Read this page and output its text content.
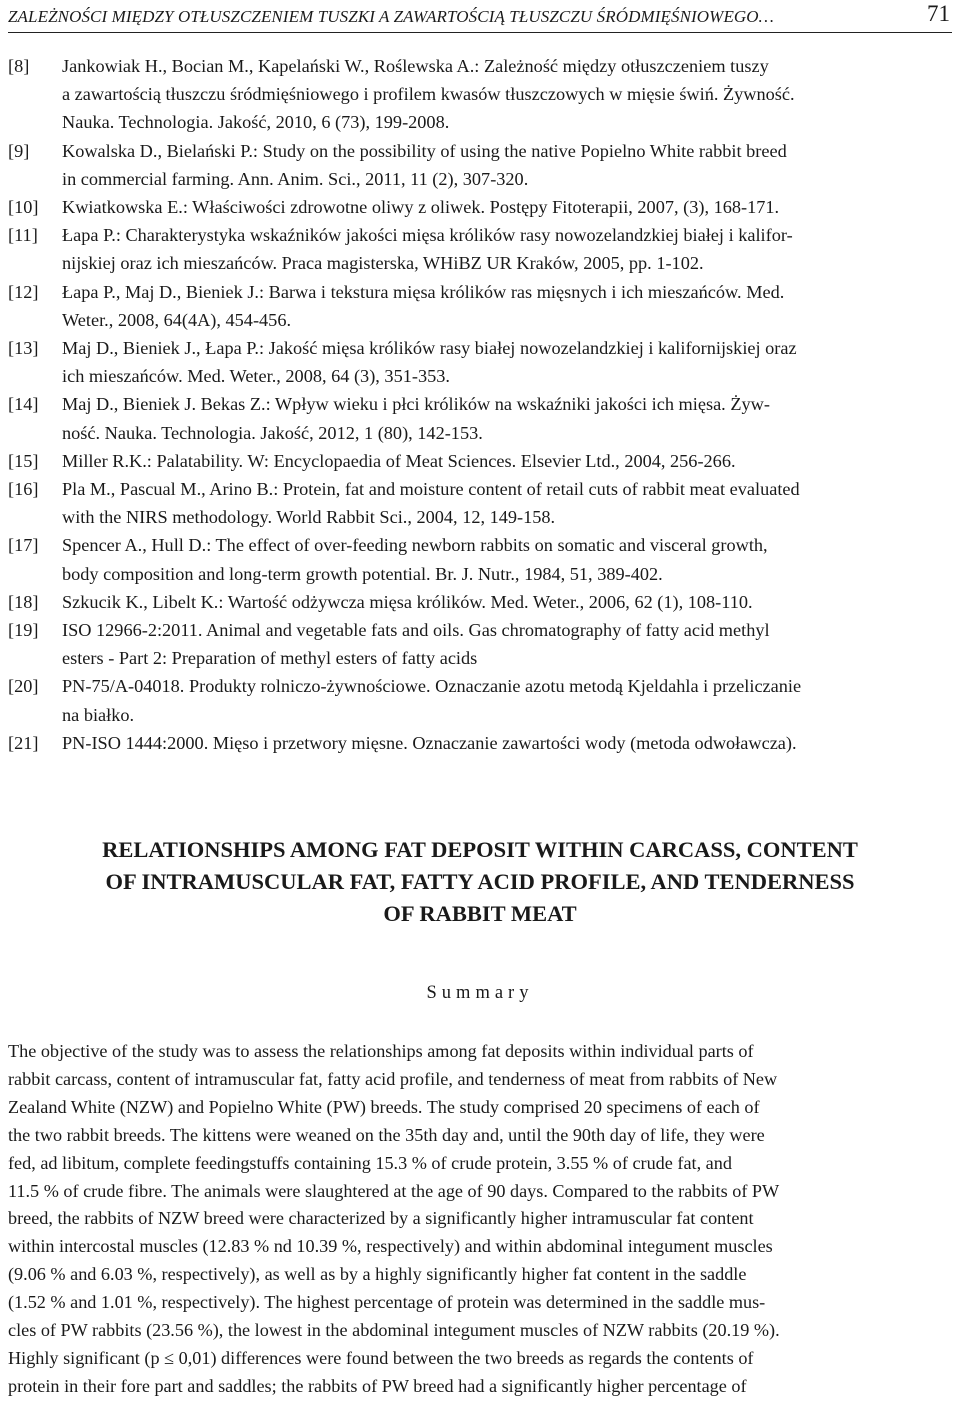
ZALEŻNOŚCI MIĘDZY OTŁUSZCZENIEM TUSZKI A ZAWARTOŚCIĄ TŁUSZCZU ŚRÓDMIĘŚNIOWEGO…	71
[8] Jankowiak H., Bocian M., Kapelański W., Roślewska A.: Zależność między otłuszczeniem tuszy
a zawartością tłuszczu śródmięśniowego i profilem kwasów tłuszczowych w mięsie świń. Żywność.
Nauka. Technologia. Jakość, 2010, 6 (73), 199-2008.
[9] Kowalska D., Bielański P.: Study on the possibility of using the native Popielno White rabbit breed
in commercial farming. Ann. Anim. Sci., 2011, 11 (2), 307-320.
[10] Kwiatkowska E.: Właściwości zdrowotne oliwy z oliwek. Postępy Fitoterapii, 2007, (3), 168-171.
[11] Łapa P.: Charakterystyka wskaźników jakości mięsa królików rasy nowozelandzkiej białej i kalifor-
nijskiej oraz ich mieszańców. Praca magisterska, WHiBZ UR Kraków, 2005, pp. 1-102.
[12] Łapa P., Maj D., Bieniek J.: Barwa i tekstura mięsa królików ras mięsnych i ich mieszańców. Med.
Weter., 2008, 64(4A), 454-456.
[13] Maj D., Bieniek J., Łapa P.: Jakość mięsa królików rasy białej nowozelandzkiej i kalifornijskiej oraz
ich mieszańców. Med. Weter., 2008, 64 (3), 351-353.
[14] Maj D., Bieniek J. Bekas Z.: Wpływ wieku i płci królików na wskaźniki jakości ich mięsa. Żyw-
ność. Nauka. Technologia. Jakość, 2012, 1 (80), 142-153.
[15] Miller R.K.: Palatability. W: Encyclopaedia of Meat Sciences. Elsevier Ltd., 2004, 256-266.
[16] Pla M., Pascual M., Arino B.: Protein, fat and moisture content of retail cuts of rabbit meat evaluated
with the NIRS methodology. World Rabbit Sci., 2004, 12, 149-158.
[17] Spencer A., Hull D.: The effect of over-feeding newborn rabbits on somatic and visceral growth,
body composition and long-term growth potential. Br. J. Nutr., 1984, 51, 389-402.
[18] Szkucik K., Libelt K.: Wartość odżywcza mięsa królików. Med. Weter., 2006, 62 (1), 108-110.
[19] ISO 12966-2:2011. Animal and vegetable fats and oils. Gas chromatography of fatty acid methyl
esters - Part 2: Preparation of methyl esters of fatty acids
[20] PN-75/A-04018. Produkty rolniczo-żywnościowe. Oznaczanie azotu metodą Kjeldahla i przeliczanie
na białko.
[21] PN-ISO 1444:2000. Mięso i przetwory mięsne. Oznaczanie zawartości wody (metoda odwoławcza).
RELATIONSHIPS AMONG FAT DEPOSIT WITHIN CARCASS, CONTENT
OF INTRAMUSCULAR FAT, FATTY ACID PROFILE, AND TENDERNESS
OF RABBIT MEAT
Summary
The objective of the study was to assess the relationships among fat deposits within individual parts of
rabbit carcass, content of intramuscular fat, fatty acid profile, and tenderness of meat from rabbits of New
Zealand White (NZW) and Popielno White (PW) breeds. The study comprised 20 specimens of each of
the two rabbit breeds. The kittens were weaned on the 35th day and, until the 90th day of life, they were
fed, ad libitum, complete feedingstuffs containing 15.3 % of crude protein, 3.55 % of crude fat, and
11.5 % of crude fibre. The animals were slaughtered at the age of 90 days. Compared to the rabbits of PW
breed, the rabbits of NZW breed were characterized by a significantly higher intramuscular fat content
within intercostal muscles (12.83 % nd 10.39 %, respectively) and within abdominal integument muscles
(9.06 % and 6.03 %, respectively), as well as by a highly significantly higher fat content in the saddle
(1.52 % and 1.01 %, respectively). The highest percentage of protein was determined in the saddle mus-
cles of PW rabbits (23.56 %), the lowest in the abdominal integument muscles of NZW rabbits (20.19 %).
Highly significant (p ≤ 0,01) differences were found between the two breeds as regards the contents of
protein in their fore part and saddles; the rabbits of PW breed had a significantly higher percentage of
